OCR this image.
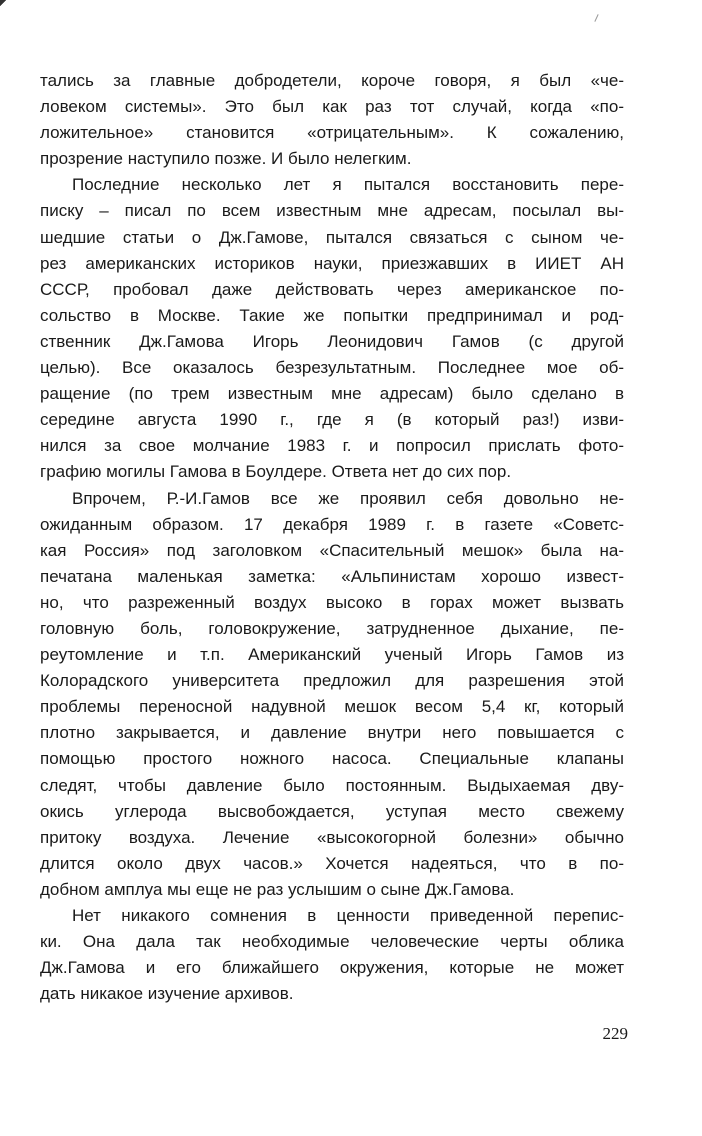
тались за главные добродетели, короче говоря, я был «че-
ловеком системы». Это был как раз тот случай, когда «по-
ложительное» становится «отрицательным». К сожалению,
прозрение наступило позже. И было нелегким.
Последние несколько лет я пытался восстановить пере-
писку – писал по всем известным мне адресам, посылал вы-
шедшие статьи о Дж.Гамове, пытался связаться с сыном че-
рез американских историков науки, приезжавших в ИИЕТ АН
СССР, пробовал даже действовать через американское по-
сольство в Москве. Такие же попытки предпринимал и род-
ственник Дж.Гамова Игорь Леонидович Гамов (с другой
целью). Все оказалось безрезультатным. Последнее мое об-
ращение (по трем известным мне адресам) было сделано в
середине августа 1990 г., где я (в который раз!) изви-
нился за свое молчание 1983 г. и попросил прислать фото-
графию могилы Гамова в Боулдере. Ответа нет до сих пор.
Впрочем, Р.-И.Гамов все же проявил себя довольно не-
ожиданным образом. 17 декабря 1989 г. в газете «Советс-
кая Россия» под заголовком «Спасительный мешок» была на-
печатана маленькая заметка: «Альпинистам хорошо извест-
но, что разреженный воздух высоко в горах может вызвать
головную боль, головокружение, затрудненное дыхание, пе-
реутомление и т.п. Американский ученый Игорь Гамов из
Колорадского университета предложил для разрешения этой
проблемы переносной надувной мешок весом 5,4 кг, который
плотно закрывается, и давление внутри него повышается с
помощью простого ножного насоса. Специальные клапаны
следят, чтобы давление было постоянным. Выдыхаемая дву-
окись углерода высвобождается, уступая место свежему
притоку воздуха. Лечение «высокогорной болезни» обычно
длится около двух часов.» Хочется надеяться, что в по-
добном амплуа мы еще не раз услышим о сыне Дж.Гамова.
Нет никакого сомнения в ценности приведенной перепис-
ки. Она дала так необходимые человеческие черты облика
Дж.Гамова и его ближайшего окружения, которые не может
дать никакое изучение архивов.
229
